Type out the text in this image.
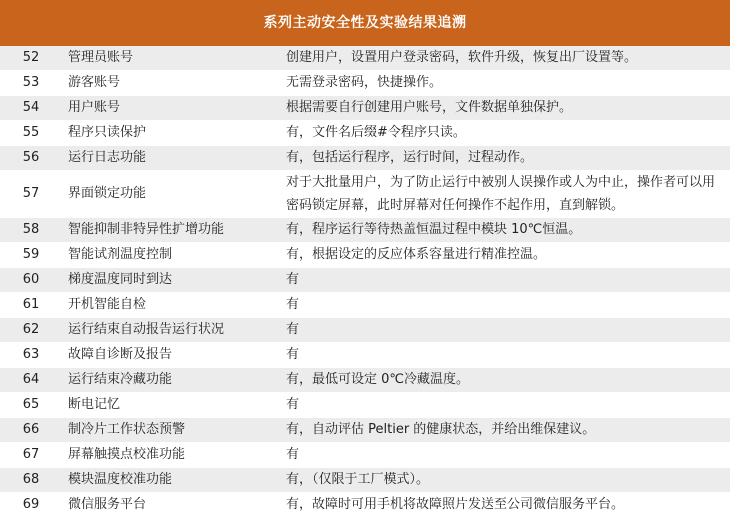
系列主动安全性及实验结果追溯
52	管理员账号	创建用户，设置用户登录密码，软件升级，恢复出厂设置等。
53	游客账号	无需登录密码，快捷操作。
54	用户账号	根据需要自行创建用户账号，文件数据单独保护。
55	程序只读保护	有，文件名后缀#令程序只读。
56	运行日志功能	有，包括运行程序，运行时间，过程动作。
57	界面锁定功能	对于大批量用户，为了防止运行中被别人误操作或人为中止，操作者可以用密码锁定屏幕，此时屏幕对任何操作不起作用，直到解锁。
58	智能抑制非特异性扩增功能	有，程序运行等待热盖恒温过程中模块 10℃恒温。
59	智能试剂温度控制	有，根据设定的反应体系容量进行精准控温。
60	梯度温度同时到达	有
61	开机智能自检	有
62	运行结束自动报告运行状况	有
63	故障自诊断及报告	有
64	运行结束冷藏功能	有，最低可设定 0℃冷藏温度。
65	断电记忆	有
66	制冷片工作状态预警	有，自动评估 Peltier 的健康状态，并给出维保建议。
67	屏幕触摸点校准功能	有
68	模块温度校准功能	有，（仅限于工厂模式）。
69	微信服务平台	有，故障时可用手机将故障照片发送至公司微信服务平台。
